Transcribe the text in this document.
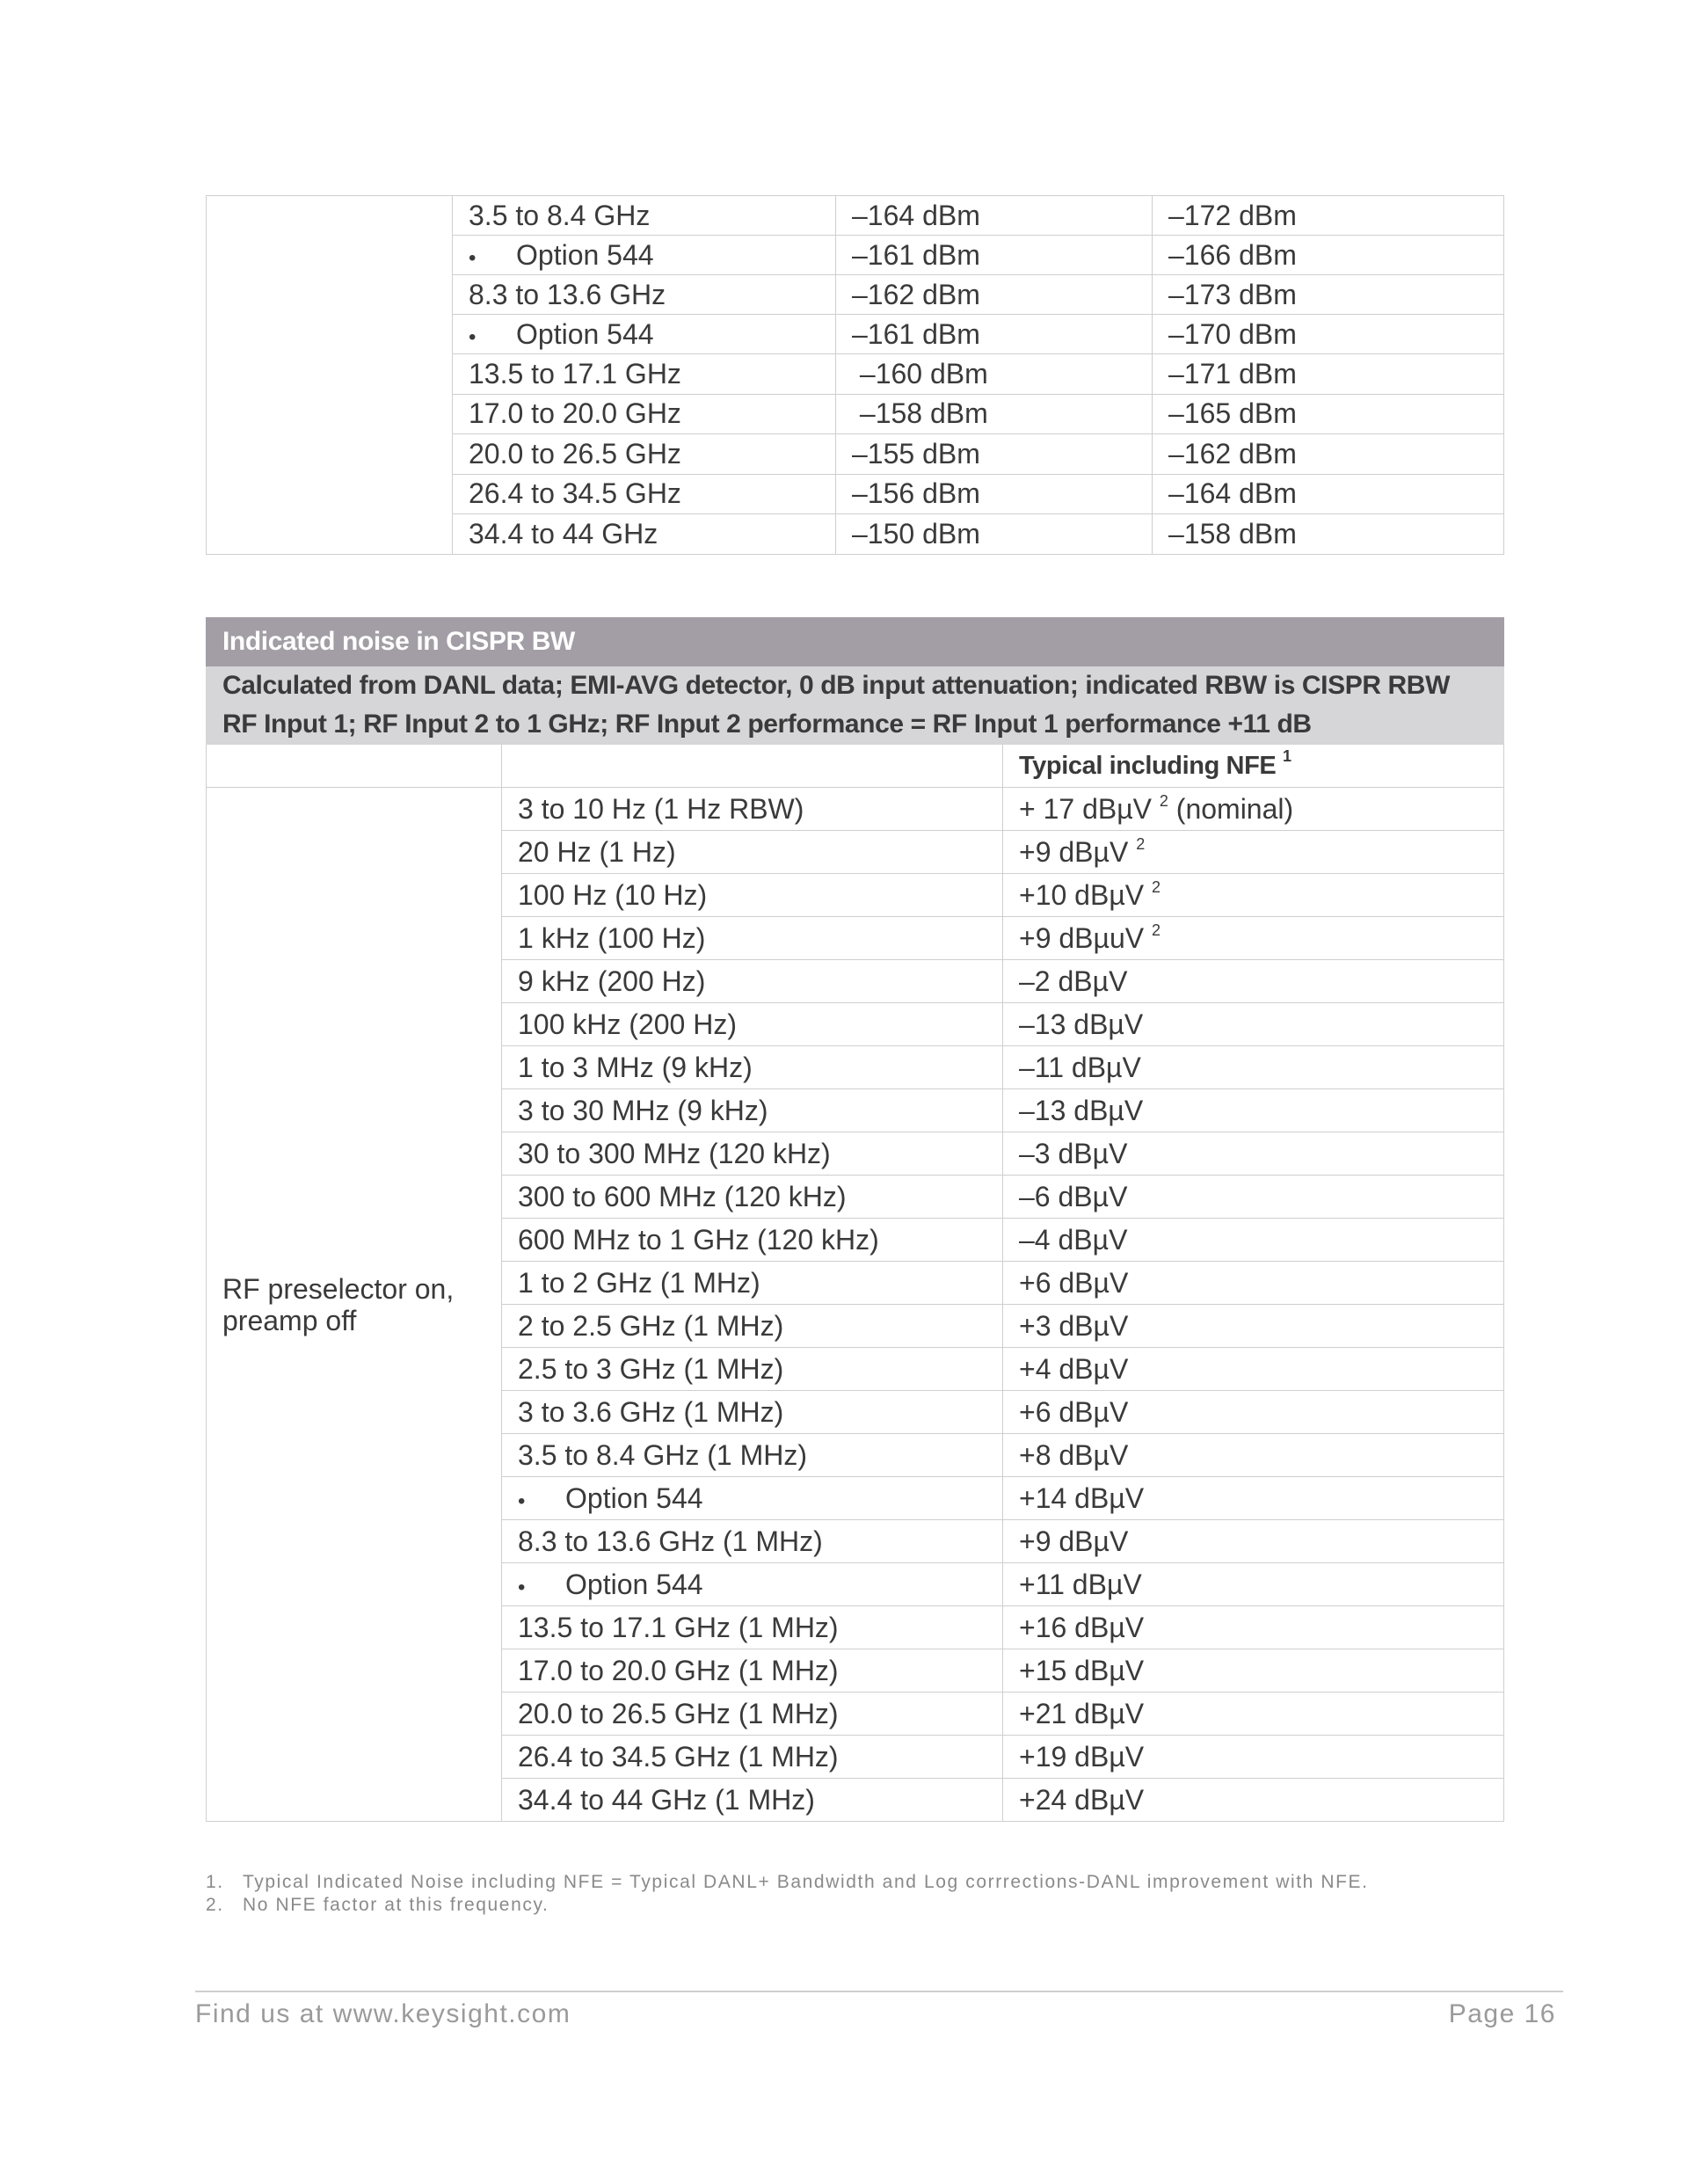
	3.5 to 8.4 GHz	–164 dBm	–172 dBm
	• Option 544	–161 dBm	–166 dBm
	8.3 to 13.6 GHz	–162 dBm	–173 dBm
	• Option 544	–161 dBm	–170 dBm
	13.5 to 17.1 GHz	–160 dBm	–171 dBm
	17.0 to 20.0 GHz	–158 dBm	–165 dBm
	20.0 to 26.5 GHz	–155 dBm	–162 dBm
	26.4 to 34.5 GHz	–156 dBm	–164 dBm
	34.4 to 44 GHz	–150 dBm	–158 dBm
Indicated noise in CISPR BW		

Calculated from DANL data; EMI-AVG detector, 0 dB input attenuation; indicated RBW is CISPR RBW
RF Input 1; RF Input 2 to 1 GHz; RF Input 2 performance = RF Input 1 performance +11 dB		

		Typical including NFE $^1$
RF preselector on, preamp off	3 to 10 Hz (1 Hz RBW)	+ 17 dBµV $^2$ (nominal)
	20 Hz (1 Hz)	+9 dBµV $^2$
	100 Hz (10 Hz)	+10 dBµV $^2$
	1 kHz (100 Hz)	+9 dBµuV $^2$
	9 kHz (200 Hz)	–2 dBµV
	100 kHz (200 Hz)	–13 dBµV
	1 to 3 MHz (9 kHz)	–11 dBµV
	3 to 30 MHz (9 kHz)	–13 dBµV
	30 to 300 MHz (120 kHz)	–3 dBµV
	300 to 600 MHz (120 kHz)	–6 dBµV
	600 MHz to 1 GHz (120 kHz)	–4 dBµV
	1 to 2 GHz (1 MHz)	+6 dBµV
	2 to 2.5 GHz (1 MHz)	+3 dBµV
	2.5 to 3 GHz (1 MHz)	+4 dBµV
	3 to 3.6 GHz (1 MHz)	+6 dBµV
	3.5 to 8.4 GHz (1 MHz)	+8 dBµV
	• Option 544	+14 dBµV
	8.3 to 13.6 GHz (1 MHz)	+9 dBµV
	• Option 544	+11 dBµV
	13.5 to 17.1 GHz (1 MHz)	+16 dBµV
	17.0 to 20.0 GHz (1 MHz)	+15 dBµV
	20.0 to 26.5 GHz (1 MHz)	+21 dBµV
	26.4 to 34.5 GHz (1 MHz)	+19 dBµV
	34.4 to 44 GHz (1 MHz)	+24 dBµV
1. Typical Indicated Noise including NFE = Typical DANL+ Bandwidth and Log corrrections-DANL improvement with NFE.
2. No NFE factor at this frequency.
Find us at www.keysight.com	Page 16
